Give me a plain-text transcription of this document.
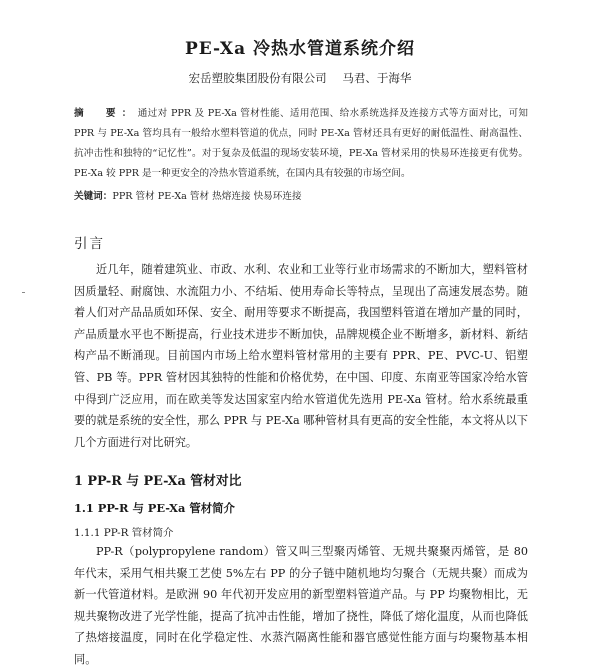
PE-Xa 冷热水管道系统介绍

宏岳塑胶集团股份有限公司 马君、于海华

摘　要：通过对 PPR 及 PE-Xa 管材性能、适用范围、给水系统选择及连接方式等方面对比，可知 PPR 与 PE-Xa 管均具有一般给水塑料管道的优点，同时 PE-Xa 管材还具有更好的耐低温性、耐高温性、抗冲击性和独特的“记忆性”。对于复杂及低温的现场安装环境，PE-Xa 管材采用的快易环连接更有优势。PE-Xa 较 PPR 是一种更安全的冷热水管道系统，在国内具有较强的市场空间。

关键词：PPR 管材 PE-Xa 管材 热熔连接 快易环连接

引言

近几年，随着建筑业、市政、水利、农业和工业等行业市场需求的不断加大，塑料管材因质量轻、耐腐蚀、水流阻力小、不结垢、使用寿命长等特点，呈现出了高速发展态势。随着人们对产品品质如环保、安全、耐用等要求不断提高，我国塑料管道在增加产量的同时，产品质量水平也不断提高，行业技术进步不断加快，品牌规模企业不断增多，新材料、新结构产品不断涌现。目前国内市场上给水塑料管材常用的主要有 PPR、PE、PVC-U、铝塑管、PB 等。PPR 管材因其独特的性能和价格优势，在中国、印度、东南亚等国家冷给水管中得到广泛应用，而在欧美等发达国家室内给水管道优先选用 PE-Xa 管材。给水系统最重要的就是系统的安全性，那么 PPR 与 PE-Xa 哪种管材具有更高的安全性能，本文将从以下几个方面进行对比研究。

1 PP-R 与 PE-Xa 管材对比
1.1 PP-R 与 PE-Xa 管材简介
1.1.1 PP-R 管材简介

PP-R（polypropylene random）管又叫三型聚丙烯管、无规共聚聚丙烯管，是 80 年代末，采用气相共聚工艺使 5%左右 PP 的分子链中随机地均匀聚合（无规共聚）而成为新一代管道材料。是欧洲 90 年代初开发应用的新型塑料管道产品。与 PP 均聚物相比，无规共聚物改进了光学性能，提高了抗冲击性能，增加了挠性，降低了熔化温度，从而也降低了热熔接温度，同时在化学稳定性、水蒸汽隔离性能和器官感觉性能方面与均聚物基本相同。
